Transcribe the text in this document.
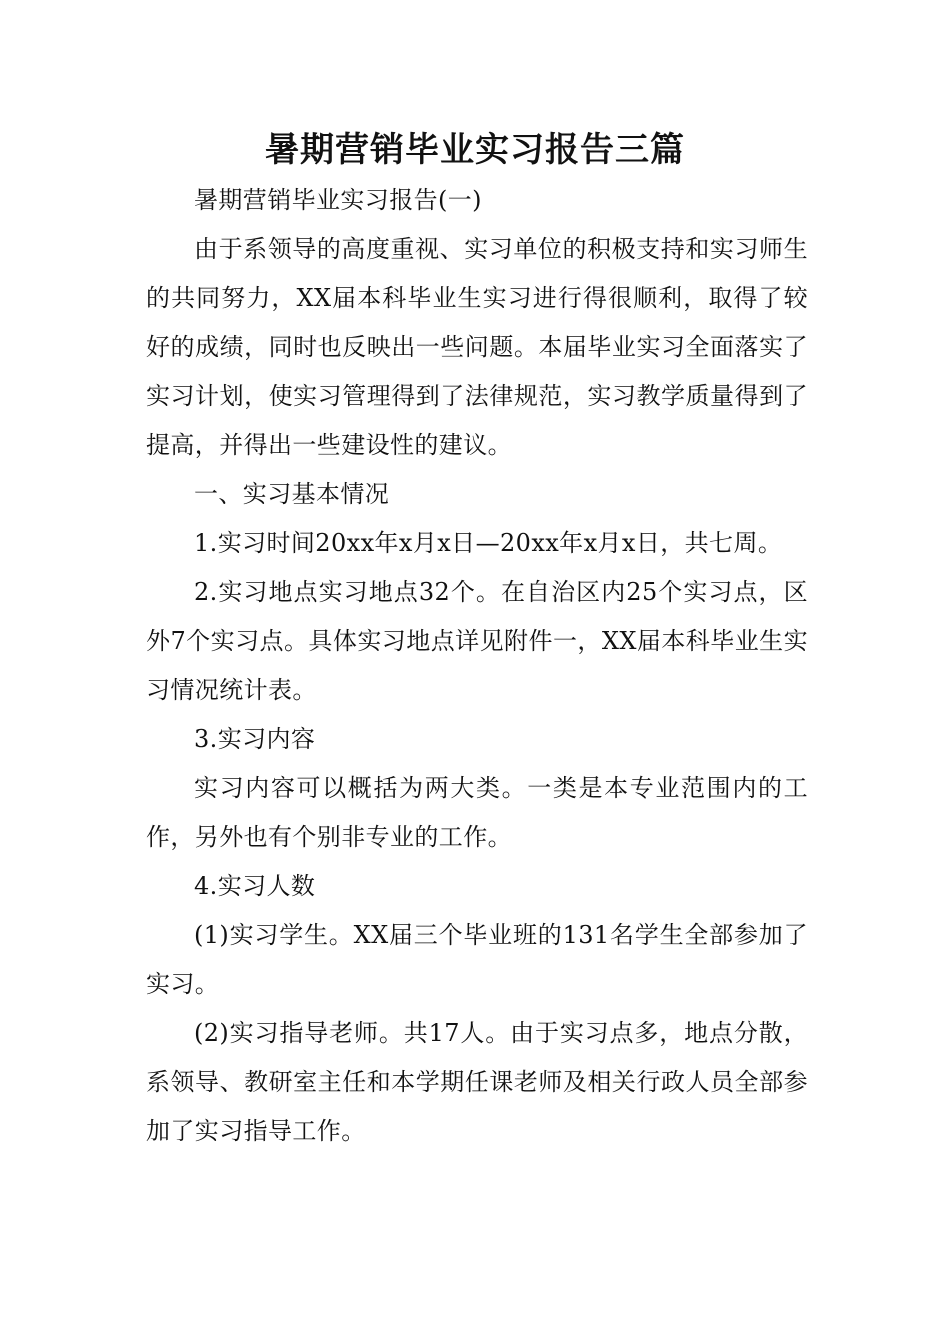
暑期营销毕业实习报告三篇

暑期营销毕业实习报告(一)

由于系领导的高度重视、实习单位的积极支持和实习师生的共同努力，XX届本科毕业生实习进行得很顺利，取得了较好的成绩，同时也反映出一些问题。本届毕业实习全面落实了实习计划，使实习管理得到了法律规范，实习教学质量得到了提高，并得出一些建设性的建议。

一、实习基本情况

1.实习时间20xx年x月x日—20xx年x月x日，共七周。

2.实习地点实习地点32个。在自治区内25个实习点，区外7个实习点。具体实习地点详见附件一，XX届本科毕业生实习情况统计表。

3.实习内容

实习内容可以概括为两大类。一类是本专业范围内的工作，另外也有个别非专业的工作。

4.实习人数

(1)实习学生。XX届三个毕业班的131名学生全部参加了实习。

(2)实习指导老师。共17人。由于实习点多，地点分散，系领导、教研室主任和本学期任课老师及相关行政人员全部参加了实习指导工作。
